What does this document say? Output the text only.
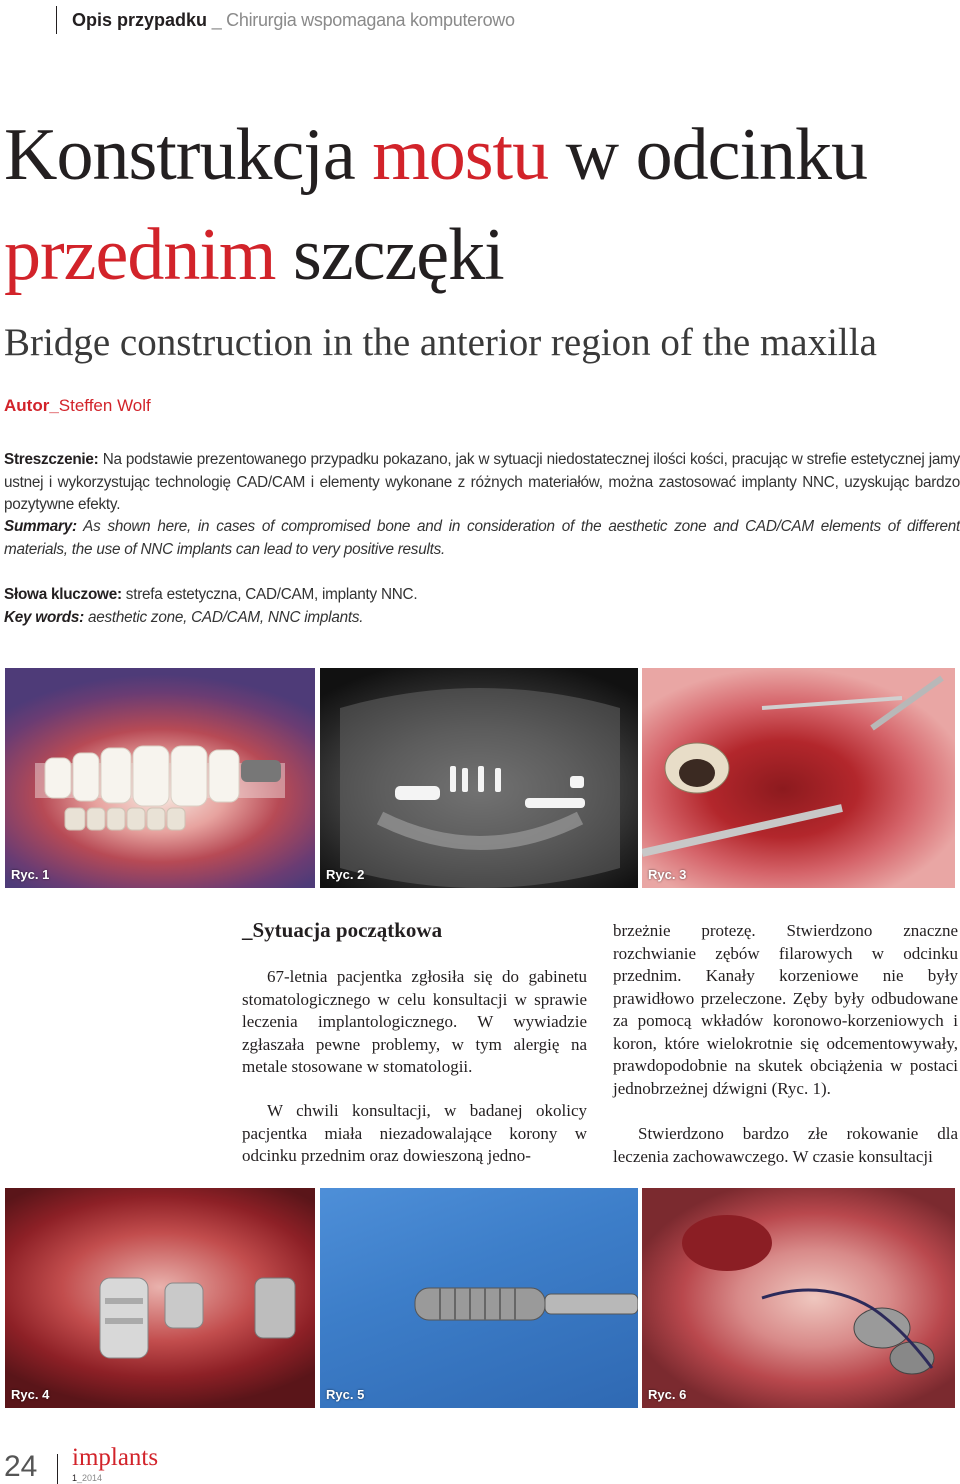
Opis przypadku _ Chirurgia wspomagana komputerowo
Konstrukcja mostu w odcinku
przednim szczęki
Bridge construction in the anterior region of the maxilla
Autor_Steffen Wolf
Streszczenie: Na podstawie prezentowanego przypadku pokazano, jak w sytuacji niedostatecznej ilości kości, pracując w strefie estetycznej jamy ustnej i wykorzystując technologię CAD/CAM i elementy wykonane z różnych materiałów, można zastosować implanty NNC, uzyskując bardzo pozytywne efekty.
Summary: As shown here, in cases of compromised bone and in consideration of the aesthetic zone and CAD/CAM elements of different materials, the use of NNC implants can lead to very positive results.
Słowa kluczowe: strefa estetyczna, CAD/CAM, implanty NNC.
Key words: aesthetic zone, CAD/CAM, NNC implants.
Ryc. 1	Ryc. 2	Ryc. 3
_Sytuacja początkowa
67-letnia pacjentka zgłosiła się do gabinetu stomatologicznego w celu konsultacji w sprawie leczenia implantologicznego. W wywiadzie zgłaszała pewne problemy, w tym alergię na metale stosowane w stomatologii.
W chwili konsultacji, w badanej okolicy pacjentka miała niezadowalające korony w odcinku przednim oraz dowieszoną jedno-
brzeżnie protezę. Stwierdzono znaczne rozchwianie zębów filarowych w odcinku przednim. Kanały korzeniowe nie były prawidłowo przeleczone. Zęby były odbudowane za pomocą wkładów koronowo-korzeniowych i koron, które wielokrotnie się odcementowywały, prawdopodobnie na skutek obciążenia w postaci jednobrzeżnej dźwigni (Ryc. 1).
Stwierdzono bardzo złe rokowanie dla leczenia zachowawczego. W czasie konsultacji
Ryc. 4	Ryc. 5	Ryc. 6
24 implants
1_2014
